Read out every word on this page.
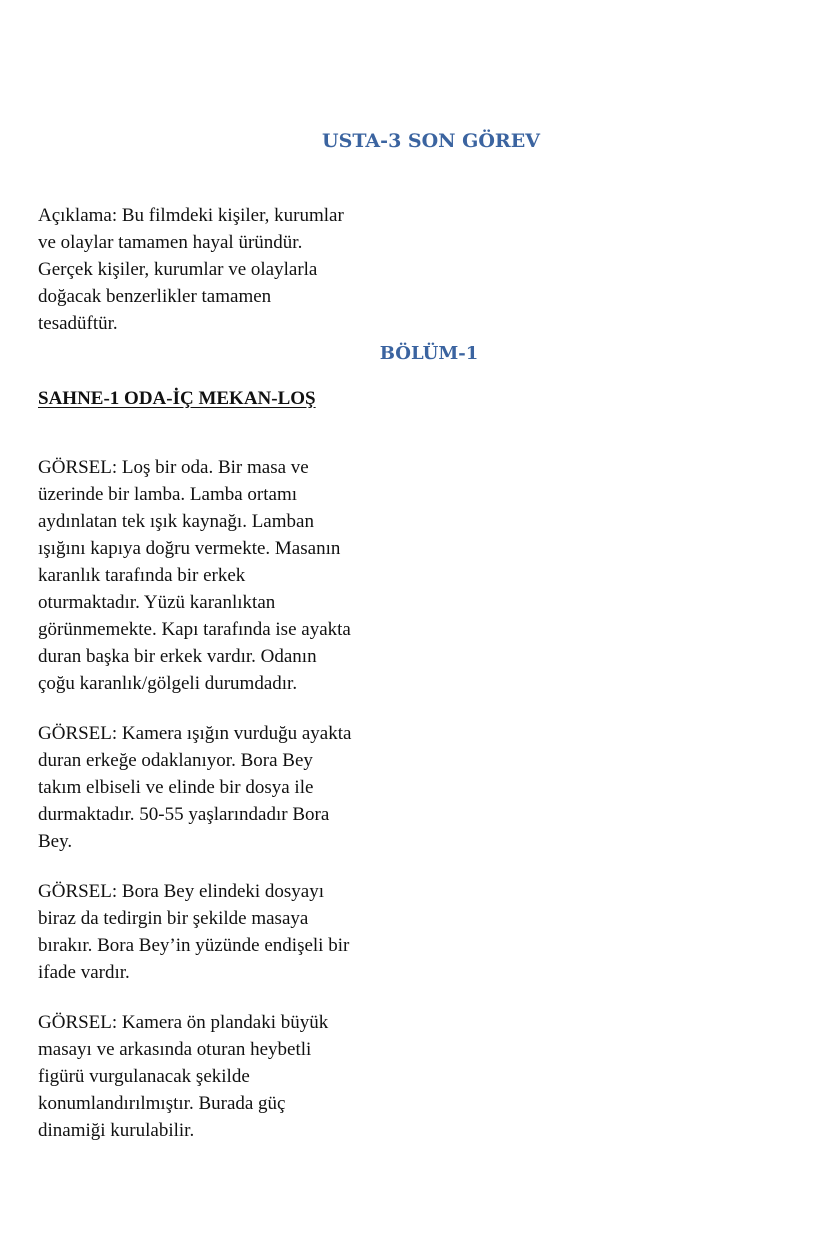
USTA-3 SON GÖREV
Açıklama: Bu filmdeki kişiler, kurumlar
ve olaylar tamamen hayal üründür.
Gerçek kişiler, kurumlar ve olaylarla
doğacak benzerlikler tamamen
tesadüftür.
BÖLÜM-1
SAHNE-1 ODA-İÇ MEKAN-LOŞ
GÖRSEL: Loş bir oda. Bir masa ve
üzerinde bir lamba. Lamba ortamı
aydınlatan tek ışık kaynağı. Lamban
ışığını kapıya doğru vermekte. Masanın
karanlık tarafında bir erkek
oturmaktadır. Yüzü karanlıktan
görünmemekte. Kapı tarafında ise ayakta
duran başka bir erkek vardır. Odanın
çoğu karanlık/gölgeli durumdadır.
GÖRSEL: Kamera ışığın vurduğu ayakta
duran erkeğe odaklanıyor. Bora Bey
takım elbiseli ve elinde bir dosya ile
durmaktadır. 50-55 yaşlarındadır Bora
Bey.
GÖRSEL: Bora Bey elindeki dosyayı
biraz da tedirgin bir şekilde masaya
bırakır. Bora Bey’in yüzünde endişeli bir
ifade vardır.
GÖRSEL: Kamera ön plandaki büyük
masayı ve arkasında oturan heybetli
figürü vurgulanacak şekilde
konumlandırılmıştır. Burada güç
dinamiği kurulabilir.
